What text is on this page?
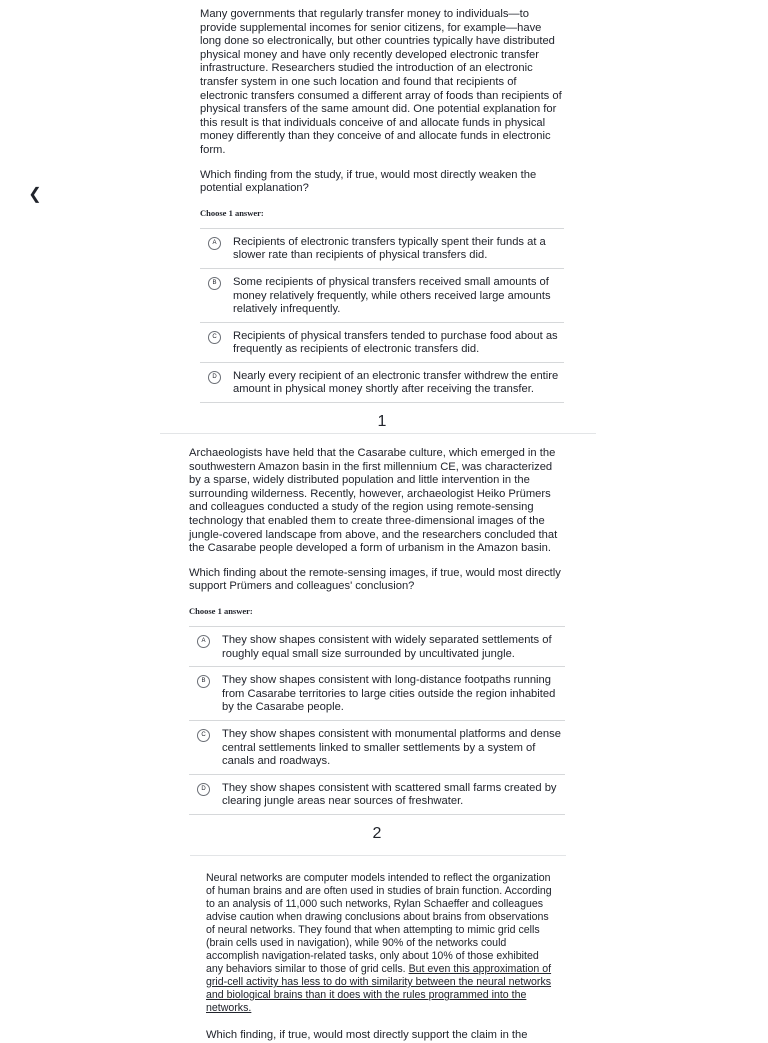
❮

Many governments that regularly transfer money to individuals—to provide supplemental incomes for senior citizens, for example—have long done so electronically, but other countries typically have distributed physical money and have only recently developed electronic transfer infrastructure. Researchers studied the introduction of an electronic transfer system in one such location and found that recipients of electronic transfers consumed a different array of foods than recipients of physical transfers of the same amount did. One potential explanation for this result is that individuals conceive of and allocate funds in physical money differently than they conceive of and allocate funds in electronic form.

Which finding from the study, if true, would most directly weaken the potential explanation?

Choose 1 answer:
A	Recipients of electronic transfers typically spent their funds at a slower rate than recipients of physical transfers did.
B	Some recipients of physical transfers received small amounts of money relatively frequently, while others received large amounts relatively infrequently.
C	Recipients of physical transfers tended to purchase food about as frequently as recipients of electronic transfers did.
D	Nearly every recipient of an electronic transfer withdrew the entire amount in physical money shortly after receiving the transfer.
1

Archaeologists have held that the Casarabe culture, which emerged in the southwestern Amazon basin in the first millennium CE, was characterized by a sparse, widely distributed population and little intervention in the surrounding wilderness. Recently, however, archaeologist Heiko Prümers and colleagues conducted a study of the region using remote-sensing technology that enabled them to create three-dimensional images of the jungle-covered landscape from above, and the researchers concluded that the Casarabe people developed a form of urbanism in the Amazon basin.

Which finding about the remote-sensing images, if true, would most directly support Prümers and colleagues' conclusion?

Choose 1 answer:
A	They show shapes consistent with widely separated settlements of roughly equal small size surrounded by uncultivated jungle.
B	They show shapes consistent with long-distance footpaths running from Casarabe territories to large cities outside the region inhabited by the Casarabe people.
C	They show shapes consistent with monumental platforms and dense central settlements linked to smaller settlements by a system of canals and roadways.
D	They show shapes consistent with scattered small farms created by clearing jungle areas near sources of freshwater.
2

Neural networks are computer models intended to reflect the organization of human brains and are often used in studies of brain function. According to an analysis of 11,000 such networks, Rylan Schaeffer and colleagues advise caution when drawing conclusions about brains from observations of neural networks. They found that when attempting to mimic grid cells (brain cells used in navigation), while 90% of the networks could accomplish navigation-related tasks, only about 10% of those exhibited any behaviors similar to those of grid cells. But even this approximation of grid-cell activity has less to do with similarity between the neural networks and biological brains than it does with the rules programmed into the networks.

Which finding, if true, would most directly support the claim in the
